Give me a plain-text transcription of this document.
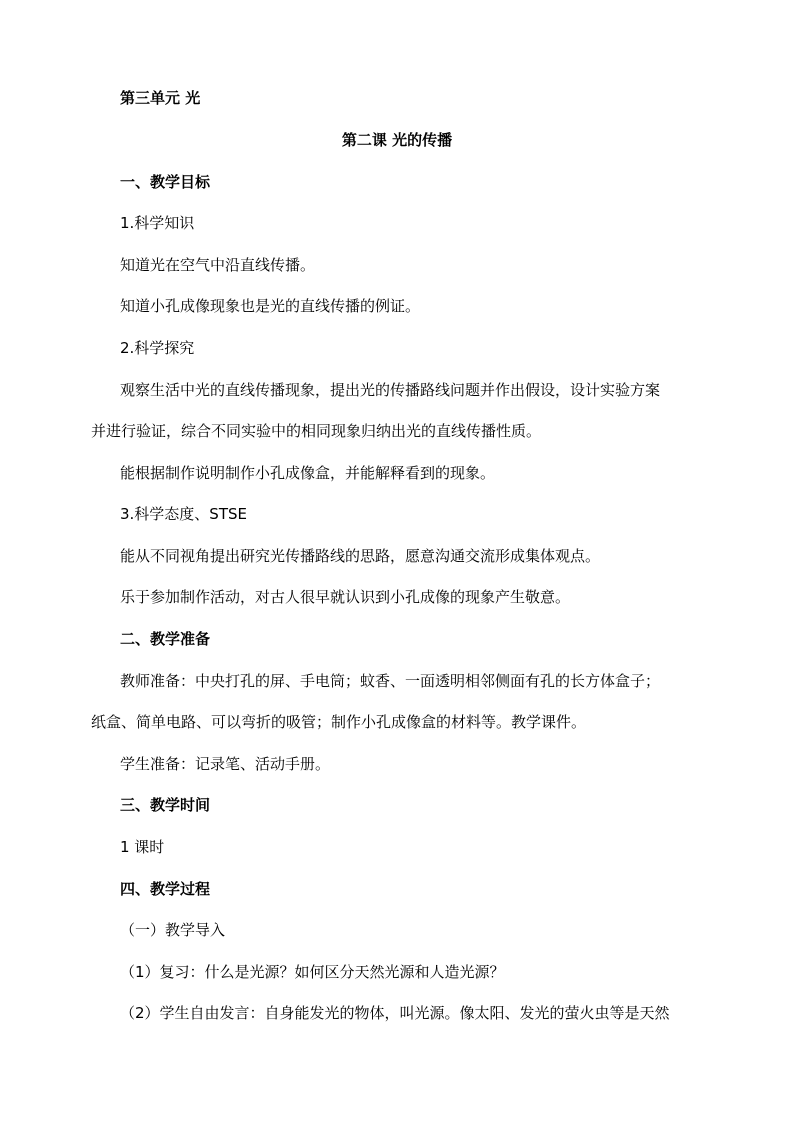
第三单元 光
第二课 光的传播
一、教学目标
1.科学知识
知道光在空气中沿直线传播。
知道小孔成像现象也是光的直线传播的例证。
2.科学探究
观察生活中光的直线传播现象，提出光的传播路线问题并作出假设，设计实验方案
并进行验证，综合不同实验中的相同现象归纳出光的直线传播性质。
能根据制作说明制作小孔成像盒，并能解释看到的现象。
3.科学态度、STSE
能从不同视角提出研究光传播路线的思路，愿意沟通交流形成集体观点。
乐于参加制作活动，对古人很早就认识到小孔成像的现象产生敬意。
二、教学准备
教师准备：中央打孔的屏、手电筒；蚊香、一面透明相邻侧面有孔的长方体盒子；
纸盒、简单电路、可以弯折的吸管；制作小孔成像盒的材料等。教学课件。
学生准备：记录笔、活动手册。
三、教学时间
1 课时
四、教学过程
（一）教学导入
（1）复习：什么是光源？如何区分天然光源和人造光源？
（2）学生自由发言：自身能发光的物体，叫光源。像太阳、发光的萤火虫等是天然
